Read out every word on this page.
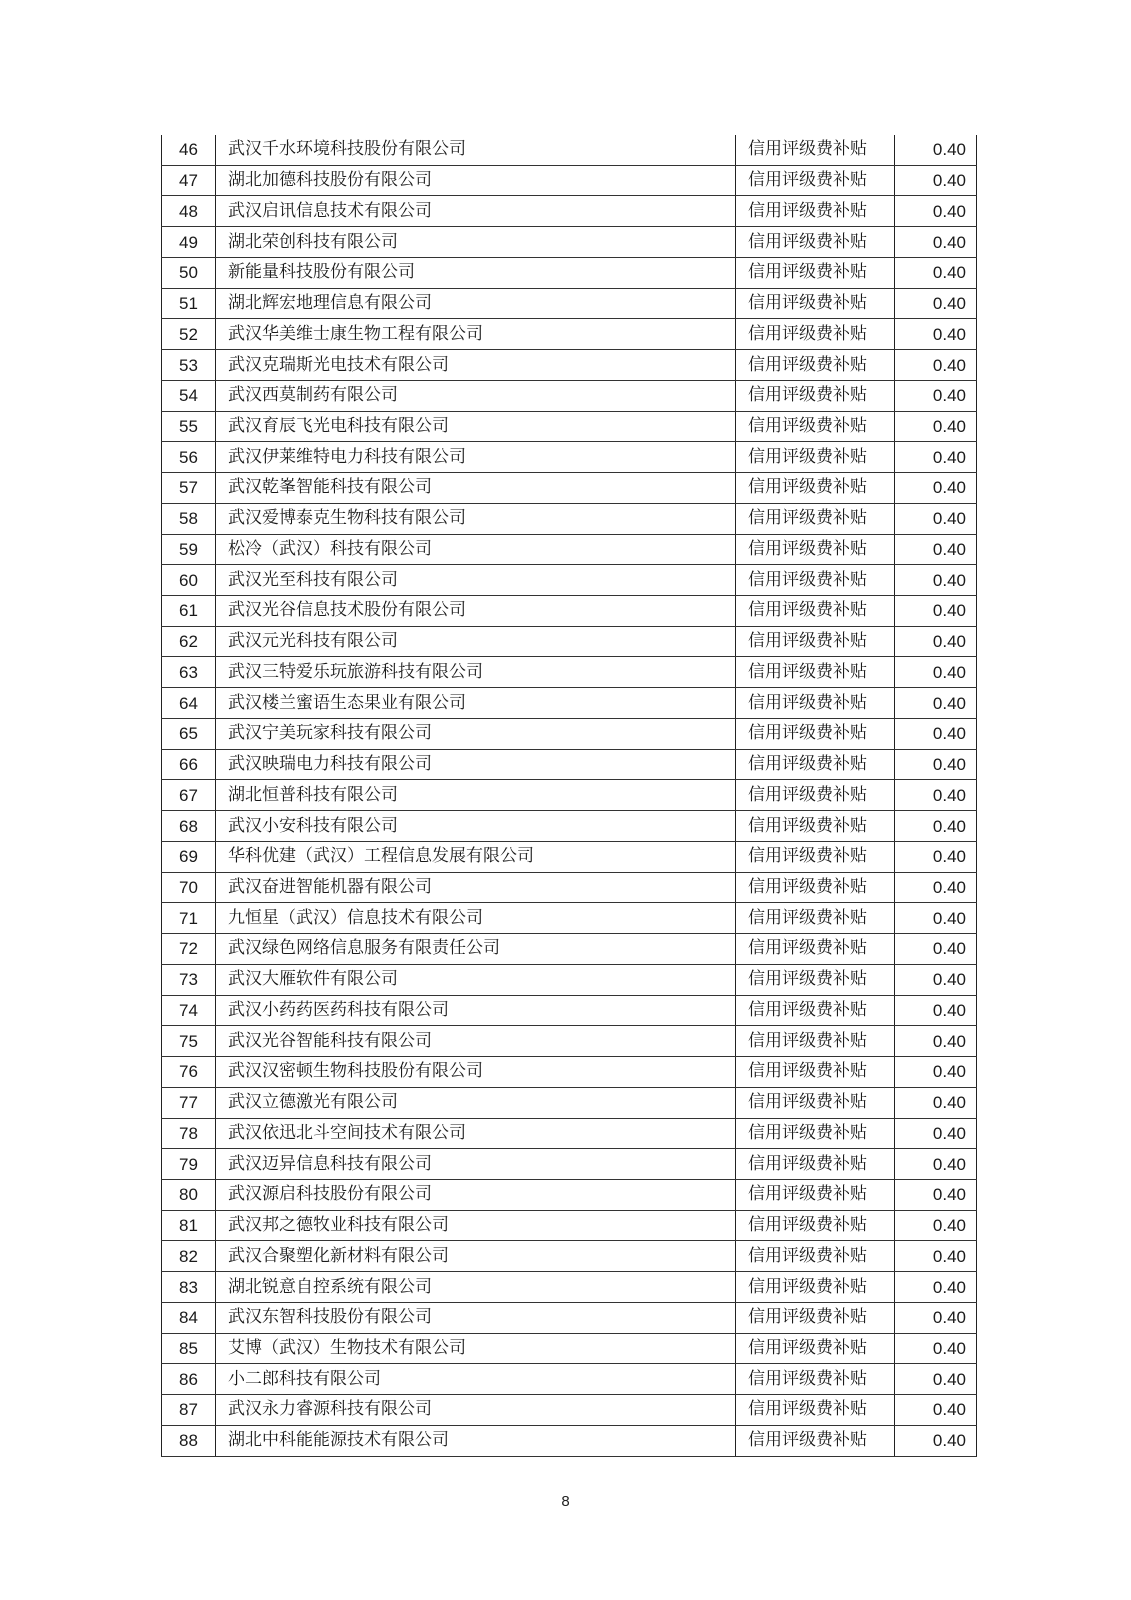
46	武汉千水环境科技股份有限公司	信用评级费补贴	0.40
47	湖北加德科技股份有限公司	信用评级费补贴	0.40
48	武汉启讯信息技术有限公司	信用评级费补贴	0.40
49	湖北荣创科技有限公司	信用评级费补贴	0.40
50	新能量科技股份有限公司	信用评级费补贴	0.40
51	湖北辉宏地理信息有限公司	信用评级费补贴	0.40
52	武汉华美维士康生物工程有限公司	信用评级费补贴	0.40
53	武汉克瑞斯光电技术有限公司	信用评级费补贴	0.40
54	武汉西莫制药有限公司	信用评级费补贴	0.40
55	武汉育辰飞光电科技有限公司	信用评级费补贴	0.40
56	武汉伊莱维特电力科技有限公司	信用评级费补贴	0.40
57	武汉乾峯智能科技有限公司	信用评级费补贴	0.40
58	武汉爱博泰克生物科技有限公司	信用评级费补贴	0.40
59	松冷（武汉）科技有限公司	信用评级费补贴	0.40
60	武汉光至科技有限公司	信用评级费补贴	0.40
61	武汉光谷信息技术股份有限公司	信用评级费补贴	0.40
62	武汉元光科技有限公司	信用评级费补贴	0.40
63	武汉三特爱乐玩旅游科技有限公司	信用评级费补贴	0.40
64	武汉楼兰蜜语生态果业有限公司	信用评级费补贴	0.40
65	武汉宁美玩家科技有限公司	信用评级费补贴	0.40
66	武汉映瑞电力科技有限公司	信用评级费补贴	0.40
67	湖北恒普科技有限公司	信用评级费补贴	0.40
68	武汉小安科技有限公司	信用评级费补贴	0.40
69	华科优建（武汉）工程信息发展有限公司	信用评级费补贴	0.40
70	武汉奋进智能机器有限公司	信用评级费补贴	0.40
71	九恒星（武汉）信息技术有限公司	信用评级费补贴	0.40
72	武汉绿色网络信息服务有限责任公司	信用评级费补贴	0.40
73	武汉大雁软件有限公司	信用评级费补贴	0.40
74	武汉小药药医药科技有限公司	信用评级费补贴	0.40
75	武汉光谷智能科技有限公司	信用评级费补贴	0.40
76	武汉汉密顿生物科技股份有限公司	信用评级费补贴	0.40
77	武汉立德激光有限公司	信用评级费补贴	0.40
78	武汉依迅北斗空间技术有限公司	信用评级费补贴	0.40
79	武汉迈异信息科技有限公司	信用评级费补贴	0.40
80	武汉源启科技股份有限公司	信用评级费补贴	0.40
81	武汉邦之德牧业科技有限公司	信用评级费补贴	0.40
82	武汉合聚塑化新材料有限公司	信用评级费补贴	0.40
83	湖北锐意自控系统有限公司	信用评级费补贴	0.40
84	武汉东智科技股份有限公司	信用评级费补贴	0.40
85	艾博（武汉）生物技术有限公司	信用评级费补贴	0.40
86	小二郎科技有限公司	信用评级费补贴	0.40
87	武汉永力睿源科技有限公司	信用评级费补贴	0.40
88	湖北中科能能源技术有限公司	信用评级费补贴	0.40
8
